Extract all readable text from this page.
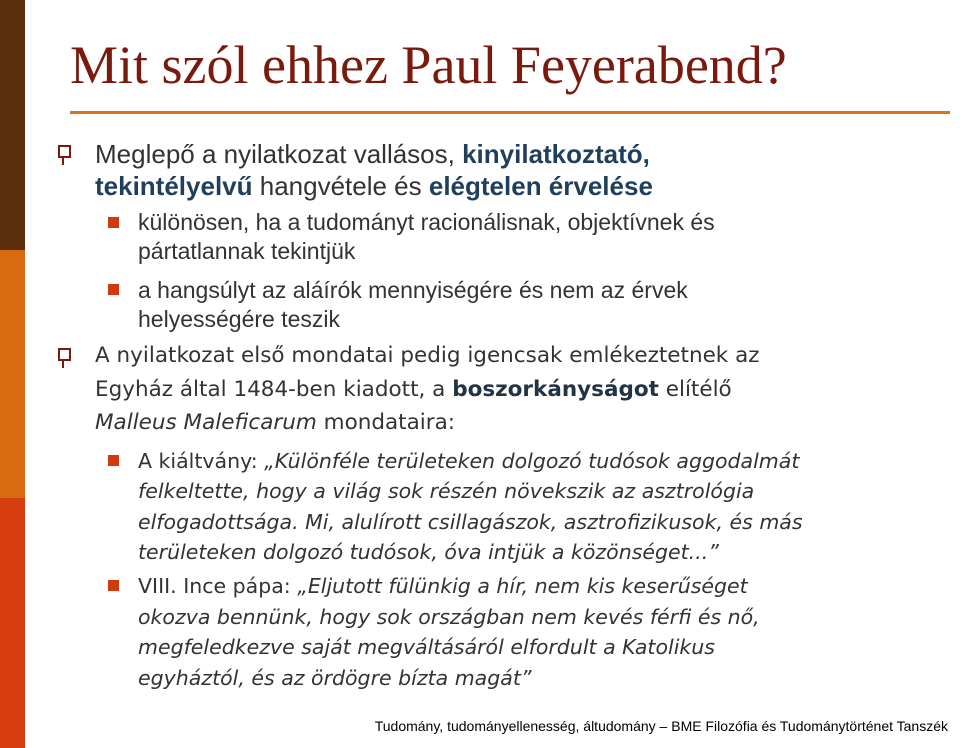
Mit szól ehhez Paul Feyerabend?

Meglepő a nyilatkozat vallásos, kinyilatkoztató,

tekintélyelvű hangvétele és elégtelen érvelése

különösen, ha a tudományt racionálisnak, objektívnek és

pártatlannak tekintjük

a hangsúlyt az aláírók mennyiségére és nem az érvek

helyességére teszik

A nyilatkozat első mondatai pedig igencsak emlékeztetnek az

Egyház által 1484-ben kiadott, a boszorkányságot elítélő

Malleus Maleficarum mondataira:

A kiáltvány: „Különféle területeken dolgozó tudósok aggodalmát

felkeltette, hogy a világ sok részén növekszik az asztrológia

elfogadottsága. Mi, alulírott csillagászok, asztrofizikusok, és más

területeken dolgozó tudósok, óva intjük a közönséget...”

VIII. Ince pápa: „Eljutott fülünkig a hír, nem kis keserűséget

okozva bennünk, hogy sok országban nem kevés férfi és nő,

megfeledkezve saját megváltásáról elfordult a Katolikus

egyháztól, és az ördögre bízta magát”

Tudomány, tudományellenesség, áltudomány – BME Filozófia és Tudománytörténet Tanszék
